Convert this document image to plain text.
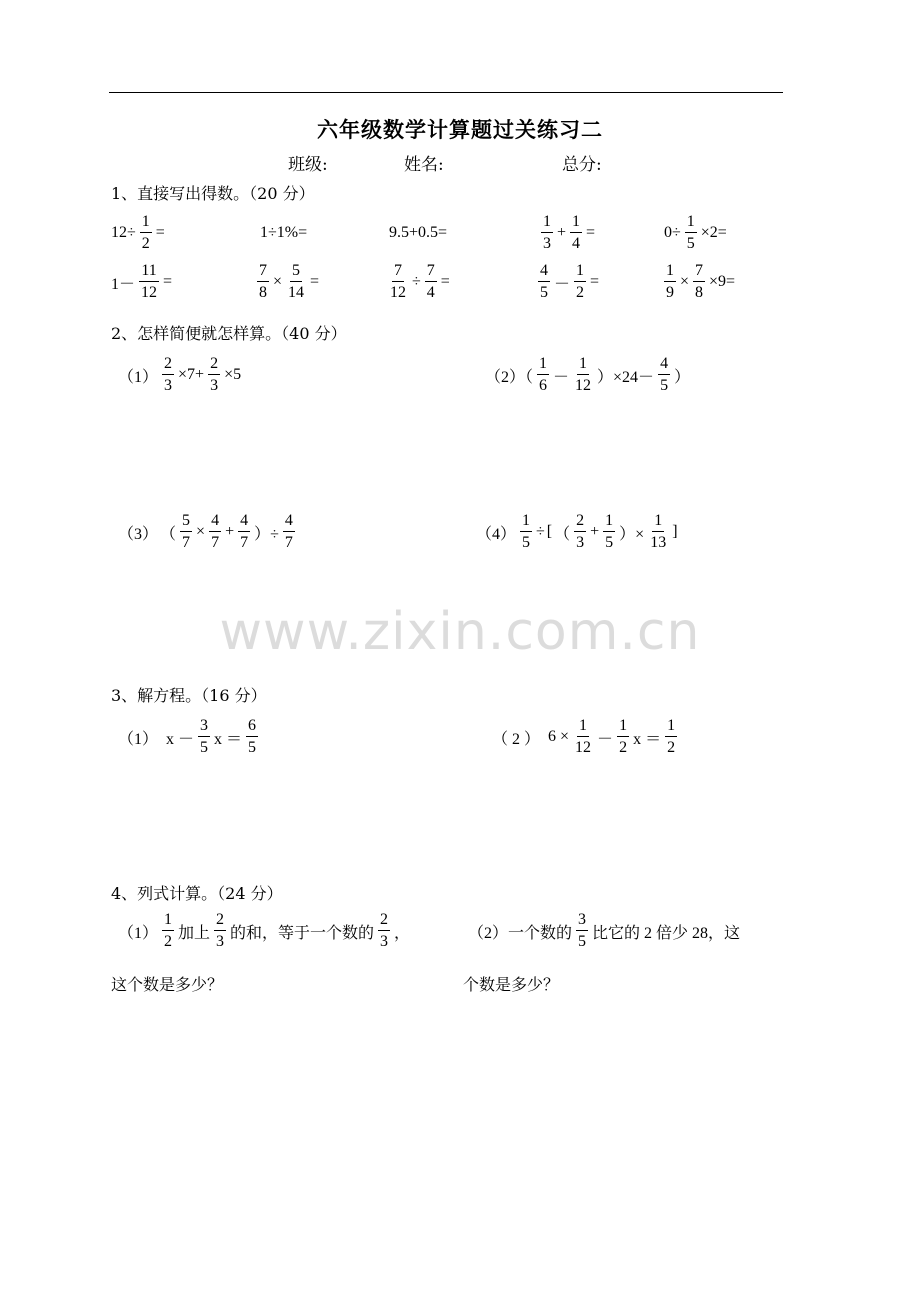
六年级数学计算题过关练习二
班级:	姓名:	总分:
1、直接写出得数。（20 分）
$12\div \frac{1}{2}$ =	1÷1%=	9.5+0.5=	$\frac{1}{3} + \frac{1}{4}$ =	$0\div \frac{1}{5} \times 2=$
$1- \frac{11}{12}$ =	$\frac{7}{8} \times \frac{5}{14}$ =	$\frac{7}{12} \div \frac{7}{4}$ =	$\frac{4}{5} - \frac{1}{2}$ =	$\frac{1}{9} \times \frac{7}{8} \times 9=$
2、怎样简便就怎样算。（40 分）
$(1) \frac{2}{3} \times 7+ \frac{2}{3} \times 5$	$(2)( \frac{1}{6} - \frac{1}{12} )\times 24- \frac{4}{5}$ ）
（3） （ $\frac{5}{7} \times \frac{4}{7} + \frac{4}{7}$ ）÷ $\frac{4}{7}$	$(4) \frac{1}{5}$ ÷ [ （ $\frac{2}{3} + \frac{1}{5}$ ）× $\frac{1}{13}$ ]
www.zixin.com.cn
3、解方程。（16 分）
（1）
$x - \frac{3}{5}$ $x = \frac{6}{5}$	（ 2 ）
$6 \times \frac{1}{12} - \frac{1}{2}$ $x = \frac{1}{2}$
4、列式计算。（24 分）
$(1) \frac{1}{2}$ 加上 $\frac{2}{3}$ 的和，等于一个数的 $\frac{2}{3}$ ，
这个数是多少？
（2）一个数的 $\frac{3}{5}$ 比它的 2 倍少 28，这
个数是多少？
